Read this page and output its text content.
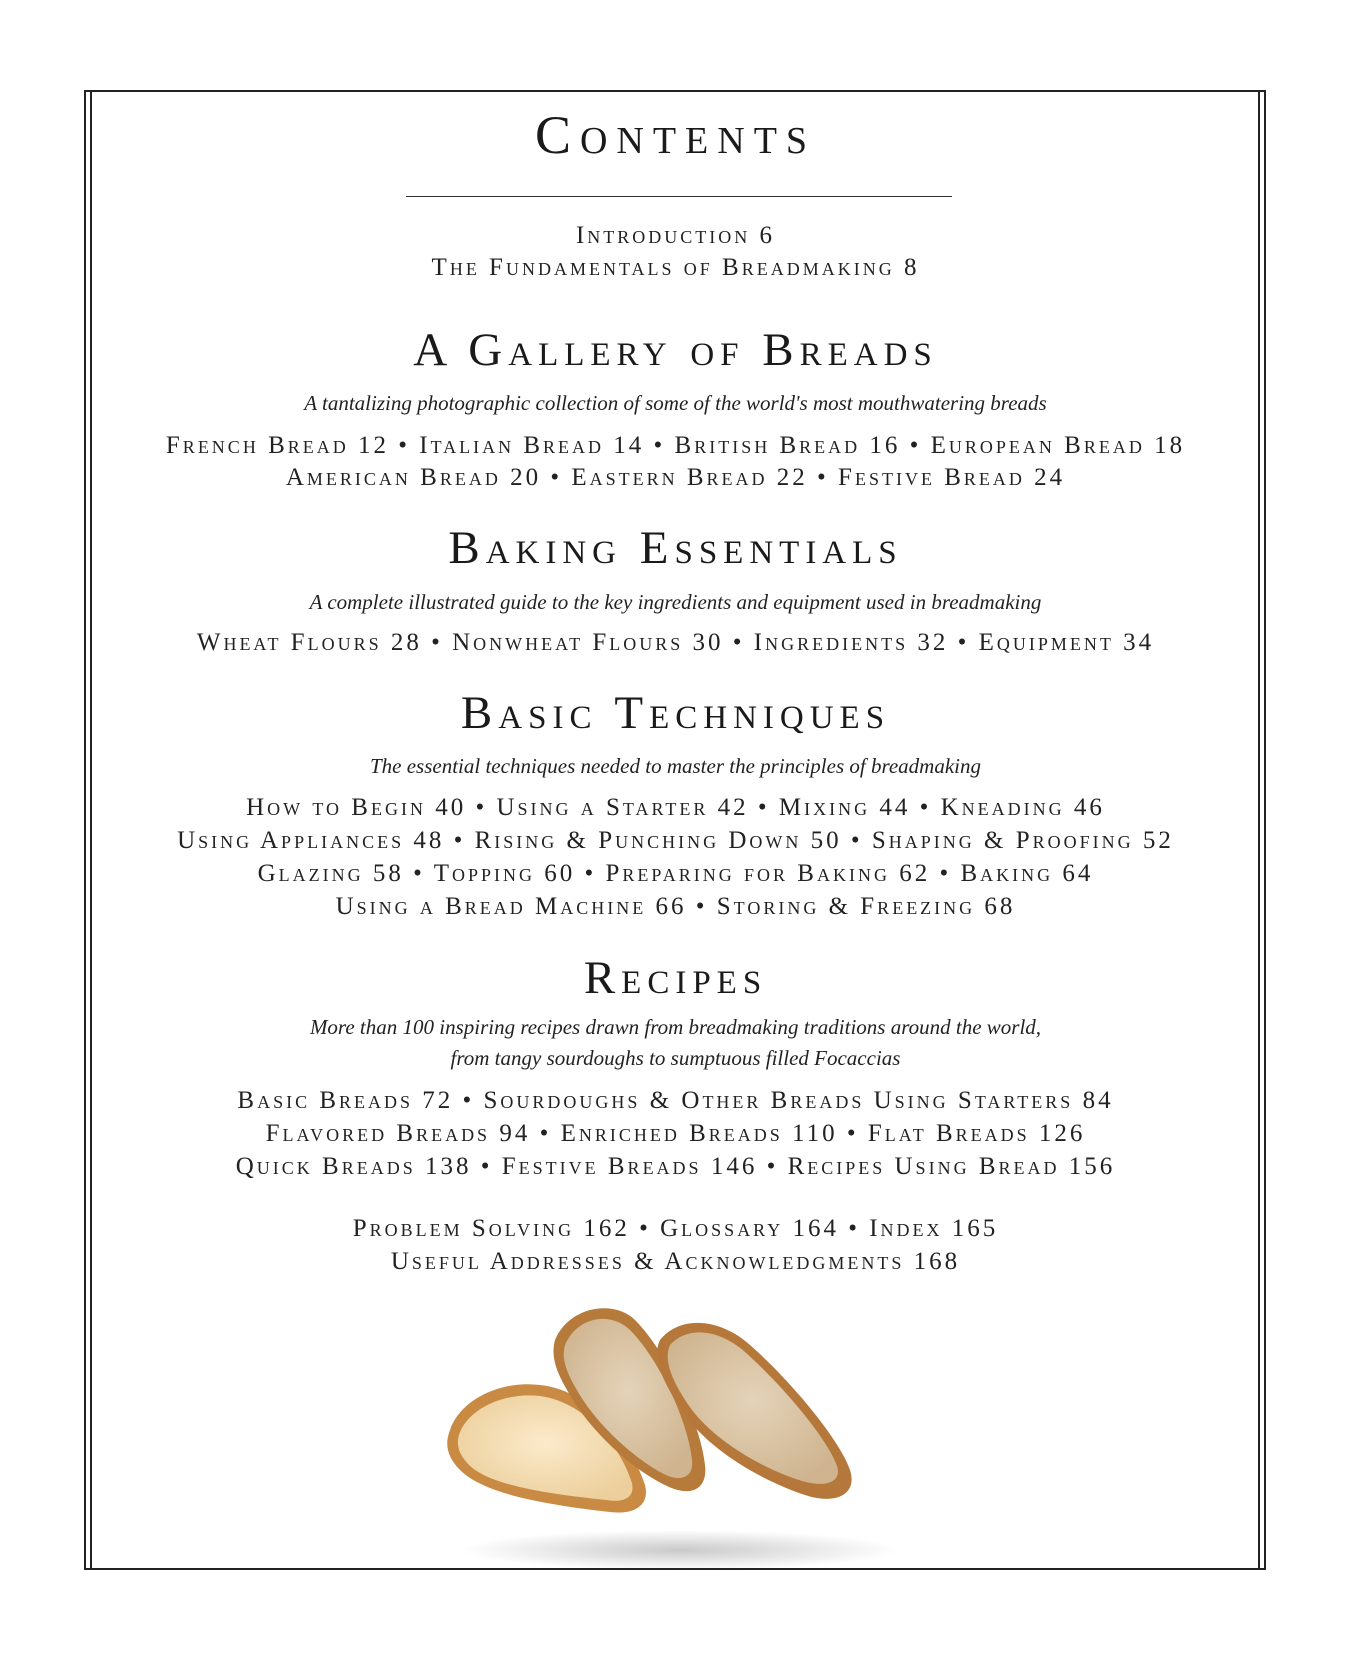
Contents
Introduction 6
The Fundamentals of Breadmaking 8
A Gallery of Breads
A tantalizing photographic collection of some of the world's most mouthwatering breads
French Bread 12 • Italian Bread 14 • British Bread 16 • European Bread 18
American Bread 20 • Eastern Bread 22 • Festive Bread 24
Baking Essentials
A complete illustrated guide to the key ingredients and equipment used in breadmaking
Wheat Flours 28 • Nonwheat Flours 30 • Ingredients 32 • Equipment 34
Basic Techniques
The essential techniques needed to master the principles of breadmaking
How to Begin 40 • Using a Starter 42 • Mixing 44 • Kneading 46
Using Appliances 48 • Rising & Punching Down 50 • Shaping & Proofing 52
Glazing 58 • Topping 60 • Preparing for Baking 62 • Baking 64
Using a Bread Machine 66 • Storing & Freezing 68
Recipes
More than 100 inspiring recipes drawn from breadmaking traditions around the world,
from tangy sourdoughs to sumptuous filled Focaccias
Basic Breads 72 • Sourdoughs & Other Breads Using Starters 84
Flavored Breads 94 • Enriched Breads 110 • Flat Breads 126
Quick Breads 138 • Festive Breads 146 • Recipes Using Bread 156
Problem Solving 162 • Glossary 164 • Index 165
Useful Addresses & Acknowledgments 168
